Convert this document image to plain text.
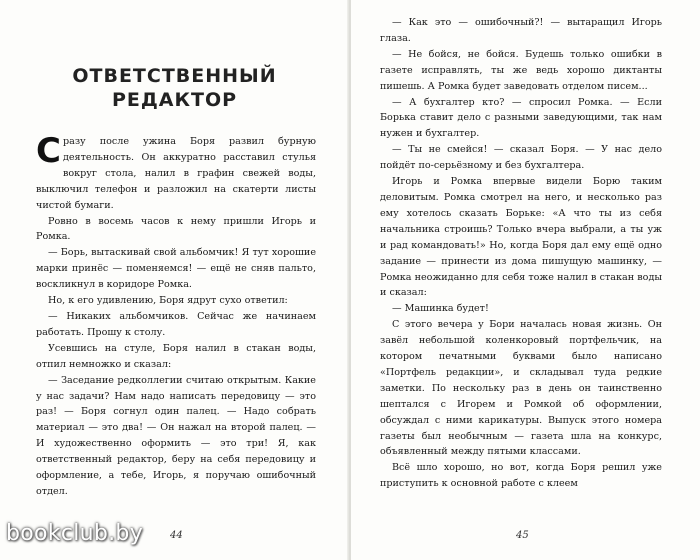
ОТВЕТСТВЕННЫЙ
РЕДАКТОР

Сразу после ужина Боря развил бурную деятельность. Он аккуратно расставил стулья вокруг стола, налил в графин свежей воды, выключил телефон и разложил на скатерти листы чистой бумаги.

Ровно в восемь часов к нему пришли Игорь и Ромка.

— Борь, вытаскивай свой альбомчик! Я тут хорошие марки принёс — поменяемся! — ещё не сняв пальто, воскликнул в коридоре Ромка.

Но, к его удивлению, Боря ядрут сухо ответил:

— Никаких альбомчиков. Сейчас же начинаем работать. Прошу к столу.

Усевшись на стуле, Боря налил в стакан воды, отпил немножко и сказал:

— Заседание редколлегии считаю открытым. Какие у нас задачи? Нам надо написать передовицу — это раз! — Боря согнул один палец. — Надо собрать материал — это два! — Он нажал на второй палец. — И художественно оформить — это три! Я, как ответственный редактор, беру на себя передовицу и оформление, а тебе, Игорь, я поручаю ошибочный отдел.

44	45

— Как это — ошибочный?! — вытаращил Игорь глаза.

— Не бойся, не бойся. Будешь только ошибки в газете исправлять, ты же ведь хорошо диктанты пишешь. А Ромка будет заведовать отделом писем...

— А бухгалтер кто? — спросил Ромка. — Если Борька ставит дело с разными заведующими, так нам нужен и бухгалтер.

— Ты не смейся! — сказал Боря. — У нас дело пойдёт по-серьёзному и без бухгалтера.

Игорь и Ромка впервые видели Борю таким деловитым. Ромка смотрел на него, и несколько раз ему хотелось сказать Борьке: «А что ты из себя начальника строишь? Только вчера выбрали, а ты уж и рад командовать!» Но, когда Боря дал ему ещё одно задание — принести из дома пишущую машинку, — Ромка неожиданно для себя тоже налил в стакан воды и сказал:

— Машинка будет!

С этого вечера у Бори началась новая жизнь. Он завёл небольшой коленкоровый портфельчик, на котором печатными буквами было написано «Портфель редакции», и складывал туда редкие заметки. По нескольку раз в день он таинственно шептался с Игорем и Ромкой об оформлении, обсуждал с ними карикатуры. Выпуск этого номера газеты был необычным — газета шла на конкурс, объявленный между пятыми классами.

Всё шло хорошо, но вот, когда Боря решил уже приступить к основной работе с клеем

bookclub.by
